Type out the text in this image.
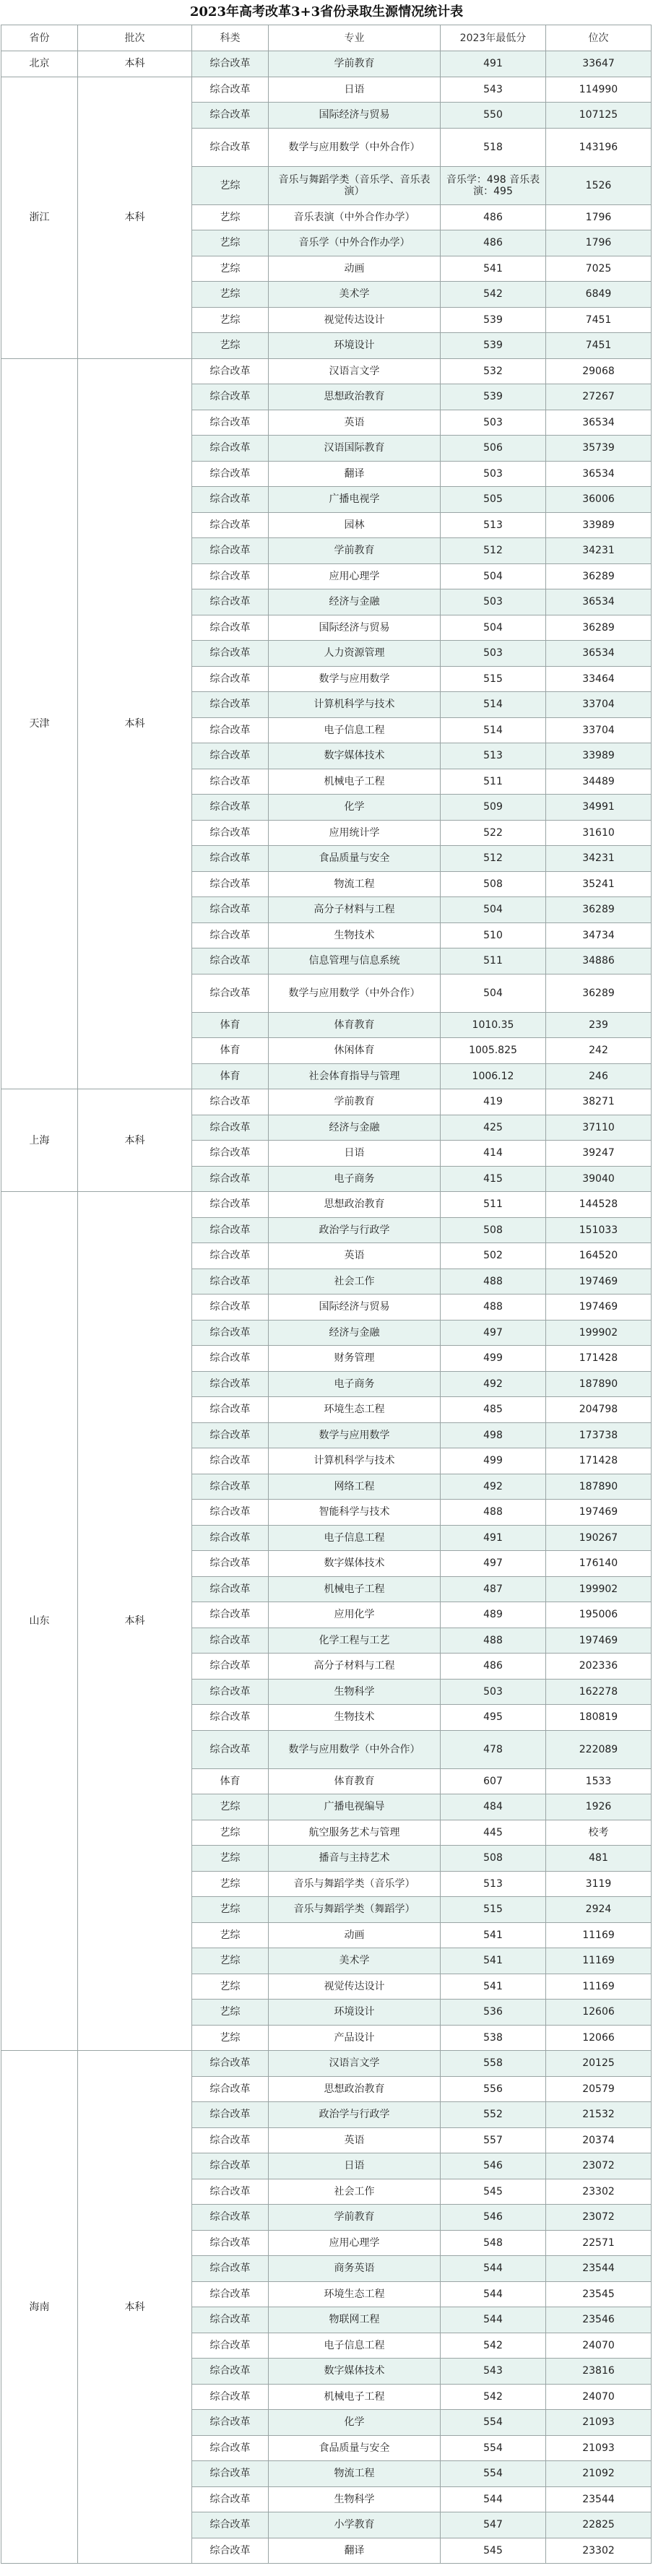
2023年高考改革3+3省份录取生源情况统计表
省份	批次	科类	专业	2023年最低分	位次
北京	本科	综合改革	学前教育	491	33647
浙江	本科	综合改革	日语	543	114990
		综合改革	国际经济与贸易	550	107125
		综合改革	数学与应用数学（中外合作）	518	143196
		艺综	音乐与舞蹈学类（音乐学、音乐表演）	音乐学：498 音乐表演：495	1526
		艺综	音乐表演（中外合作办学）	486	1796
		艺综	音乐学（中外合作办学）	486	1796
		艺综	动画	541	7025
		艺综	美术学	542	6849
		艺综	视觉传达设计	539	7451
		艺综	环境设计	539	7451
天津	本科	综合改革	汉语言文学	532	29068
		综合改革	思想政治教育	539	27267
		综合改革	英语	503	36534
		综合改革	汉语国际教育	506	35739
		综合改革	翻译	503	36534
		综合改革	广播电视学	505	36006
		综合改革	园林	513	33989
		综合改革	学前教育	512	34231
		综合改革	应用心理学	504	36289
		综合改革	经济与金融	503	36534
		综合改革	国际经济与贸易	504	36289
		综合改革	人力资源管理	503	36534
		综合改革	数学与应用数学	515	33464
		综合改革	计算机科学与技术	514	33704
		综合改革	电子信息工程	514	33704
		综合改革	数字媒体技术	513	33989
		综合改革	机械电子工程	511	34489
		综合改革	化学	509	34991
		综合改革	应用统计学	522	31610
		综合改革	食品质量与安全	512	34231
		综合改革	物流工程	508	35241
		综合改革	高分子材料与工程	504	36289
		综合改革	生物技术	510	34734
		综合改革	信息管理与信息系统	511	34886
		综合改革	数学与应用数学（中外合作）	504	36289
		体育	体育教育	1010.35	239
		体育	休闲体育	1005.825	242
		体育	社会体育指导与管理	1006.12	246
上海	本科	综合改革	学前教育	419	38271
		综合改革	经济与金融	425	37110
		综合改革	日语	414	39247
		综合改革	电子商务	415	39040
山东	本科	综合改革	思想政治教育	511	144528
		综合改革	政治学与行政学	508	151033
		综合改革	英语	502	164520
		综合改革	社会工作	488	197469
		综合改革	国际经济与贸易	488	197469
		综合改革	经济与金融	497	199902
		综合改革	财务管理	499	171428
		综合改革	电子商务	492	187890
		综合改革	环境生态工程	485	204798
		综合改革	数学与应用数学	498	173738
		综合改革	计算机科学与技术	499	171428
		综合改革	网络工程	492	187890
		综合改革	智能科学与技术	488	197469
		综合改革	电子信息工程	491	190267
		综合改革	数字媒体技术	497	176140
		综合改革	机械电子工程	487	199902
		综合改革	应用化学	489	195006
		综合改革	化学工程与工艺	488	197469
		综合改革	高分子材料与工程	486	202336
		综合改革	生物科学	503	162278
		综合改革	生物技术	495	180819
		综合改革	数学与应用数学（中外合作）	478	222089
		体育	体育教育	607	1533
		艺综	广播电视编导	484	1926
		艺综	航空服务艺术与管理	445	校考
		艺综	播音与主持艺术	508	481
		艺综	音乐与舞蹈学类（音乐学）	513	3119
		艺综	音乐与舞蹈学类（舞蹈学）	515	2924
		艺综	动画	541	11169
		艺综	美术学	541	11169
		艺综	视觉传达设计	541	11169
		艺综	环境设计	536	12606
		艺综	产品设计	538	12066
海南	本科	综合改革	汉语言文学	558	20125
		综合改革	思想政治教育	556	20579
		综合改革	政治学与行政学	552	21532
		综合改革	英语	557	20374
		综合改革	日语	546	23072
		综合改革	社会工作	545	23302
		综合改革	学前教育	546	23072
		综合改革	应用心理学	548	22571
		综合改革	商务英语	544	23544
		综合改革	环境生态工程	544	23545
		综合改革	物联网工程	544	23546
		综合改革	电子信息工程	542	24070
		综合改革	数字媒体技术	543	23816
		综合改革	机械电子工程	542	24070
		综合改革	化学	554	21093
		综合改革	食品质量与安全	554	21093
		综合改革	物流工程	554	21092
		综合改革	生物科学	544	23544
		综合改革	小学教育	547	22825
		综合改革	翻译	545	23302
